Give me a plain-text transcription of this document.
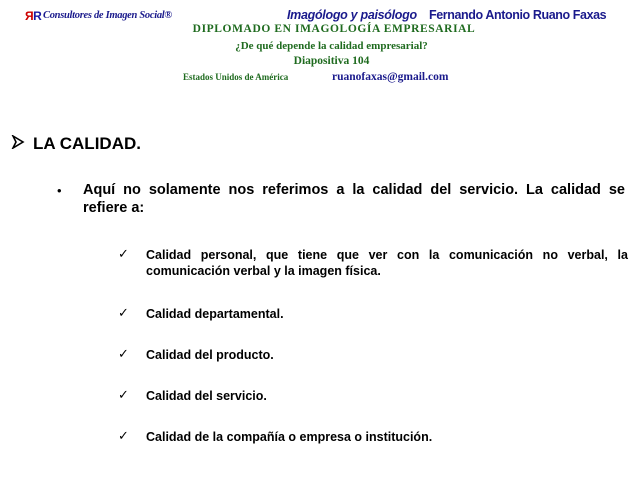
ЯR Consultores de Imagen Social®	Imagólogo y paisólogo Fernando Antonio Ruano Faxas
DIPLOMADO EN IMAGOLOGÍA EMPRESARIAL
¿De qué depende la calidad empresarial?
Diapositiva 104
Estados Unidos de América	ruanofaxas@gmail.com
LA CALIDAD.
• Aquí no solamente nos referimos a la calidad del servicio. La calidad se refiere a:
✓ Calidad personal, que tiene que ver con la comunicación no verbal, la comunicación verbal y la imagen física.
✓ Calidad departamental.
✓ Calidad del producto.
✓ Calidad del servicio.
✓ Calidad de la compañía o empresa o institución.
